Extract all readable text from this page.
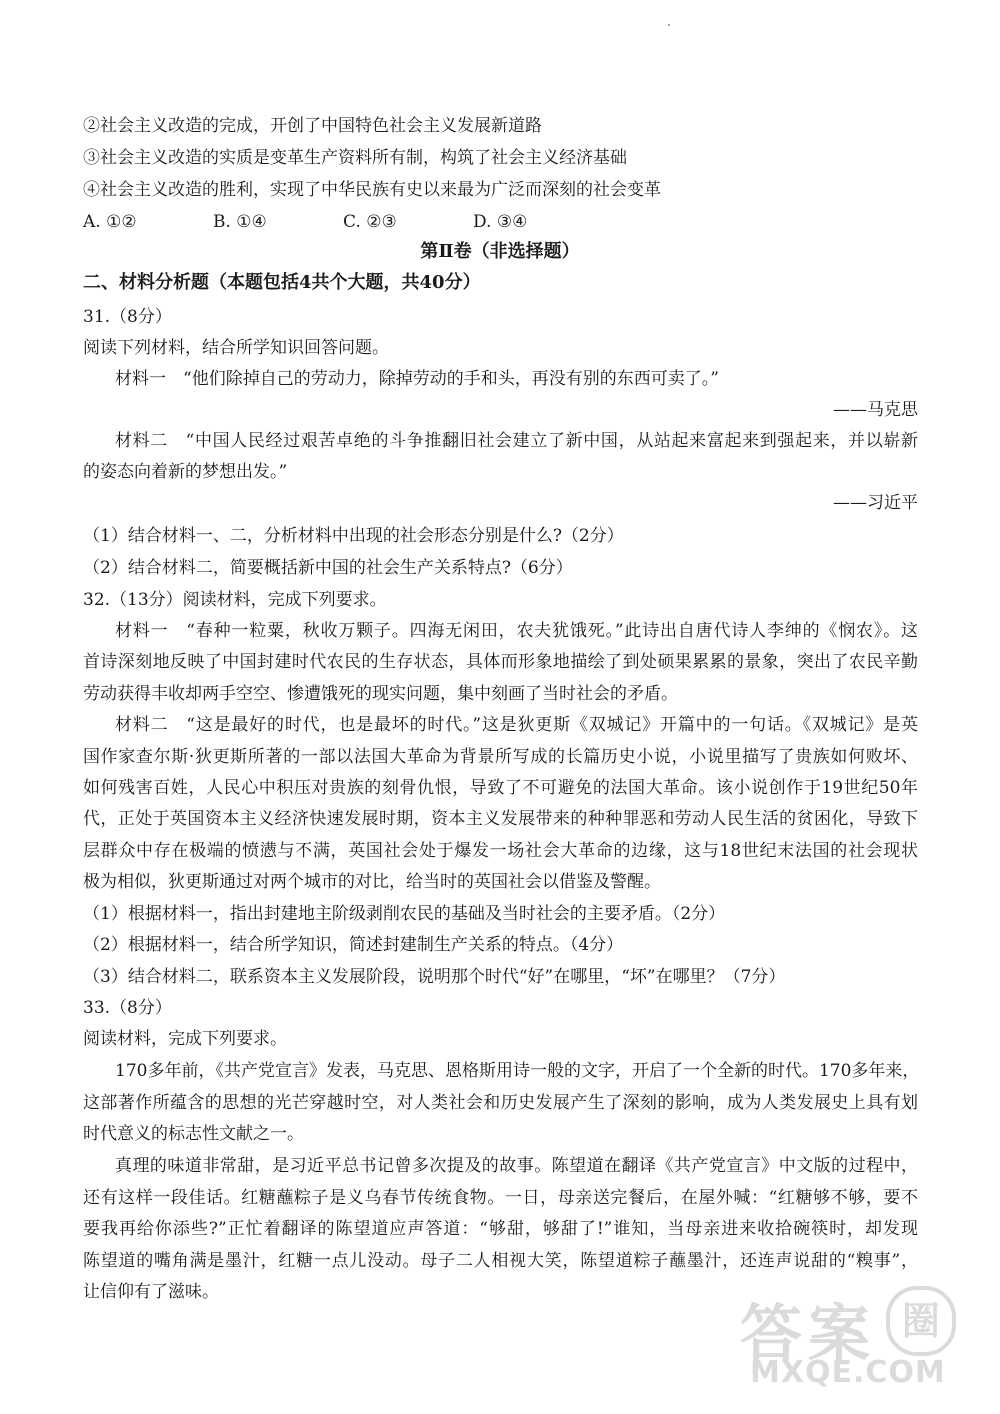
②社会主义改造的完成，开创了中国特色社会主义发展新道路
③社会主义改造的实质是变革生产资料所有制，构筑了社会主义经济基础
④社会主义改造的胜利，实现了中华民族有史以来最为广泛而深刻的社会变革
A. ①②	B. ①④	C. ②③	D. ③④
第Ⅱ卷（非选择题）
二、材料分析题（本题包括4共个大题，共40分）
31.（8分）
阅读下列材料，结合所学知识回答问题。
材料一　“他们除掉自己的劳动力，除掉劳动的手和头，再没有别的东西可卖了。”
——马克思
材料二　“中国人民经过艰苦卓绝的斗争推翻旧社会建立了新中国，从站起来富起来到强起来，并以崭新
的姿态向着新的梦想出发。”
——习近平
（1）结合材料一、二，分析材料中出现的社会形态分别是什么?（2分）
（2）结合材料二，简要概括新中国的社会生产关系特点?（6分）
32.（13分）阅读材料，完成下列要求。
材料一　“春种一粒粟，秋收万颗子。四海无闲田，农夫犹饿死。”此诗出自唐代诗人李绅的《悯农》。这
首诗深刻地反映了中国封建时代农民的生存状态，具体而形象地描绘了到处硕果累累的景象，突出了农民辛勤
劳动获得丰收却两手空空、惨遭饿死的现实问题，集中刻画了当时社会的矛盾。
材料二　“这是最好的时代，也是最坏的时代。”这是狄更斯《双城记》开篇中的一句话。《双城记》是英
国作家查尔斯·狄更斯所著的一部以法国大革命为背景所写成的长篇历史小说，小说里描写了贵族如何败坏、
如何残害百姓，人民心中积压对贵族的刻骨仇恨，导致了不可避免的法国大革命。该小说创作于19世纪50年
代，正处于英国资本主义经济快速发展时期，资本主义发展带来的种种罪恶和劳动人民生活的贫困化，导致下
层群众中存在极端的愤懑与不满，英国社会处于爆发一场社会大革命的边缘，这与18世纪末法国的社会现状
极为相似，狄更斯通过对两个城市的对比，给当时的英国社会以借鉴及警醒。
（1）根据材料一，指出封建地主阶级剥削农民的基础及当时社会的主要矛盾。（2分）
（2）根据材料一，结合所学知识，简述封建制生产关系的特点。（4分）
（3）结合材料二，联系资本主义发展阶段，说明那个时代“好”在哪里，“坏”在哪里？（7分）
33.（8分）
阅读材料，完成下列要求。
170多年前，《共产党宣言》发表，马克思、恩格斯用诗一般的文字，开启了一个全新的时代。170多年来，
这部著作所蕴含的思想的光芒穿越时空，对人类社会和历史发展产生了深刻的影响，成为人类发展史上具有划
时代意义的标志性文献之一。
真理的味道非常甜，是习近平总书记曾多次提及的故事。陈望道在翻译《共产党宣言》中文版的过程中，
还有这样一段佳话。红糖蘸粽子是义乌春节传统食物。一日，母亲送完餐后，在屋外喊：“红糖够不够，要不
要我再给你添些?”正忙着翻译的陈望道应声答道：“够甜，够甜了!”谁知，当母亲进来收拾碗筷时，却发现
陈望道的嘴角满是墨汁，红糖一点儿没动。母子二人相视大笑，陈望道粽子蘸墨汁，还连声说甜的“糗事”，
让信仰有了滋味。
答 案 圈
MXQE.COM
